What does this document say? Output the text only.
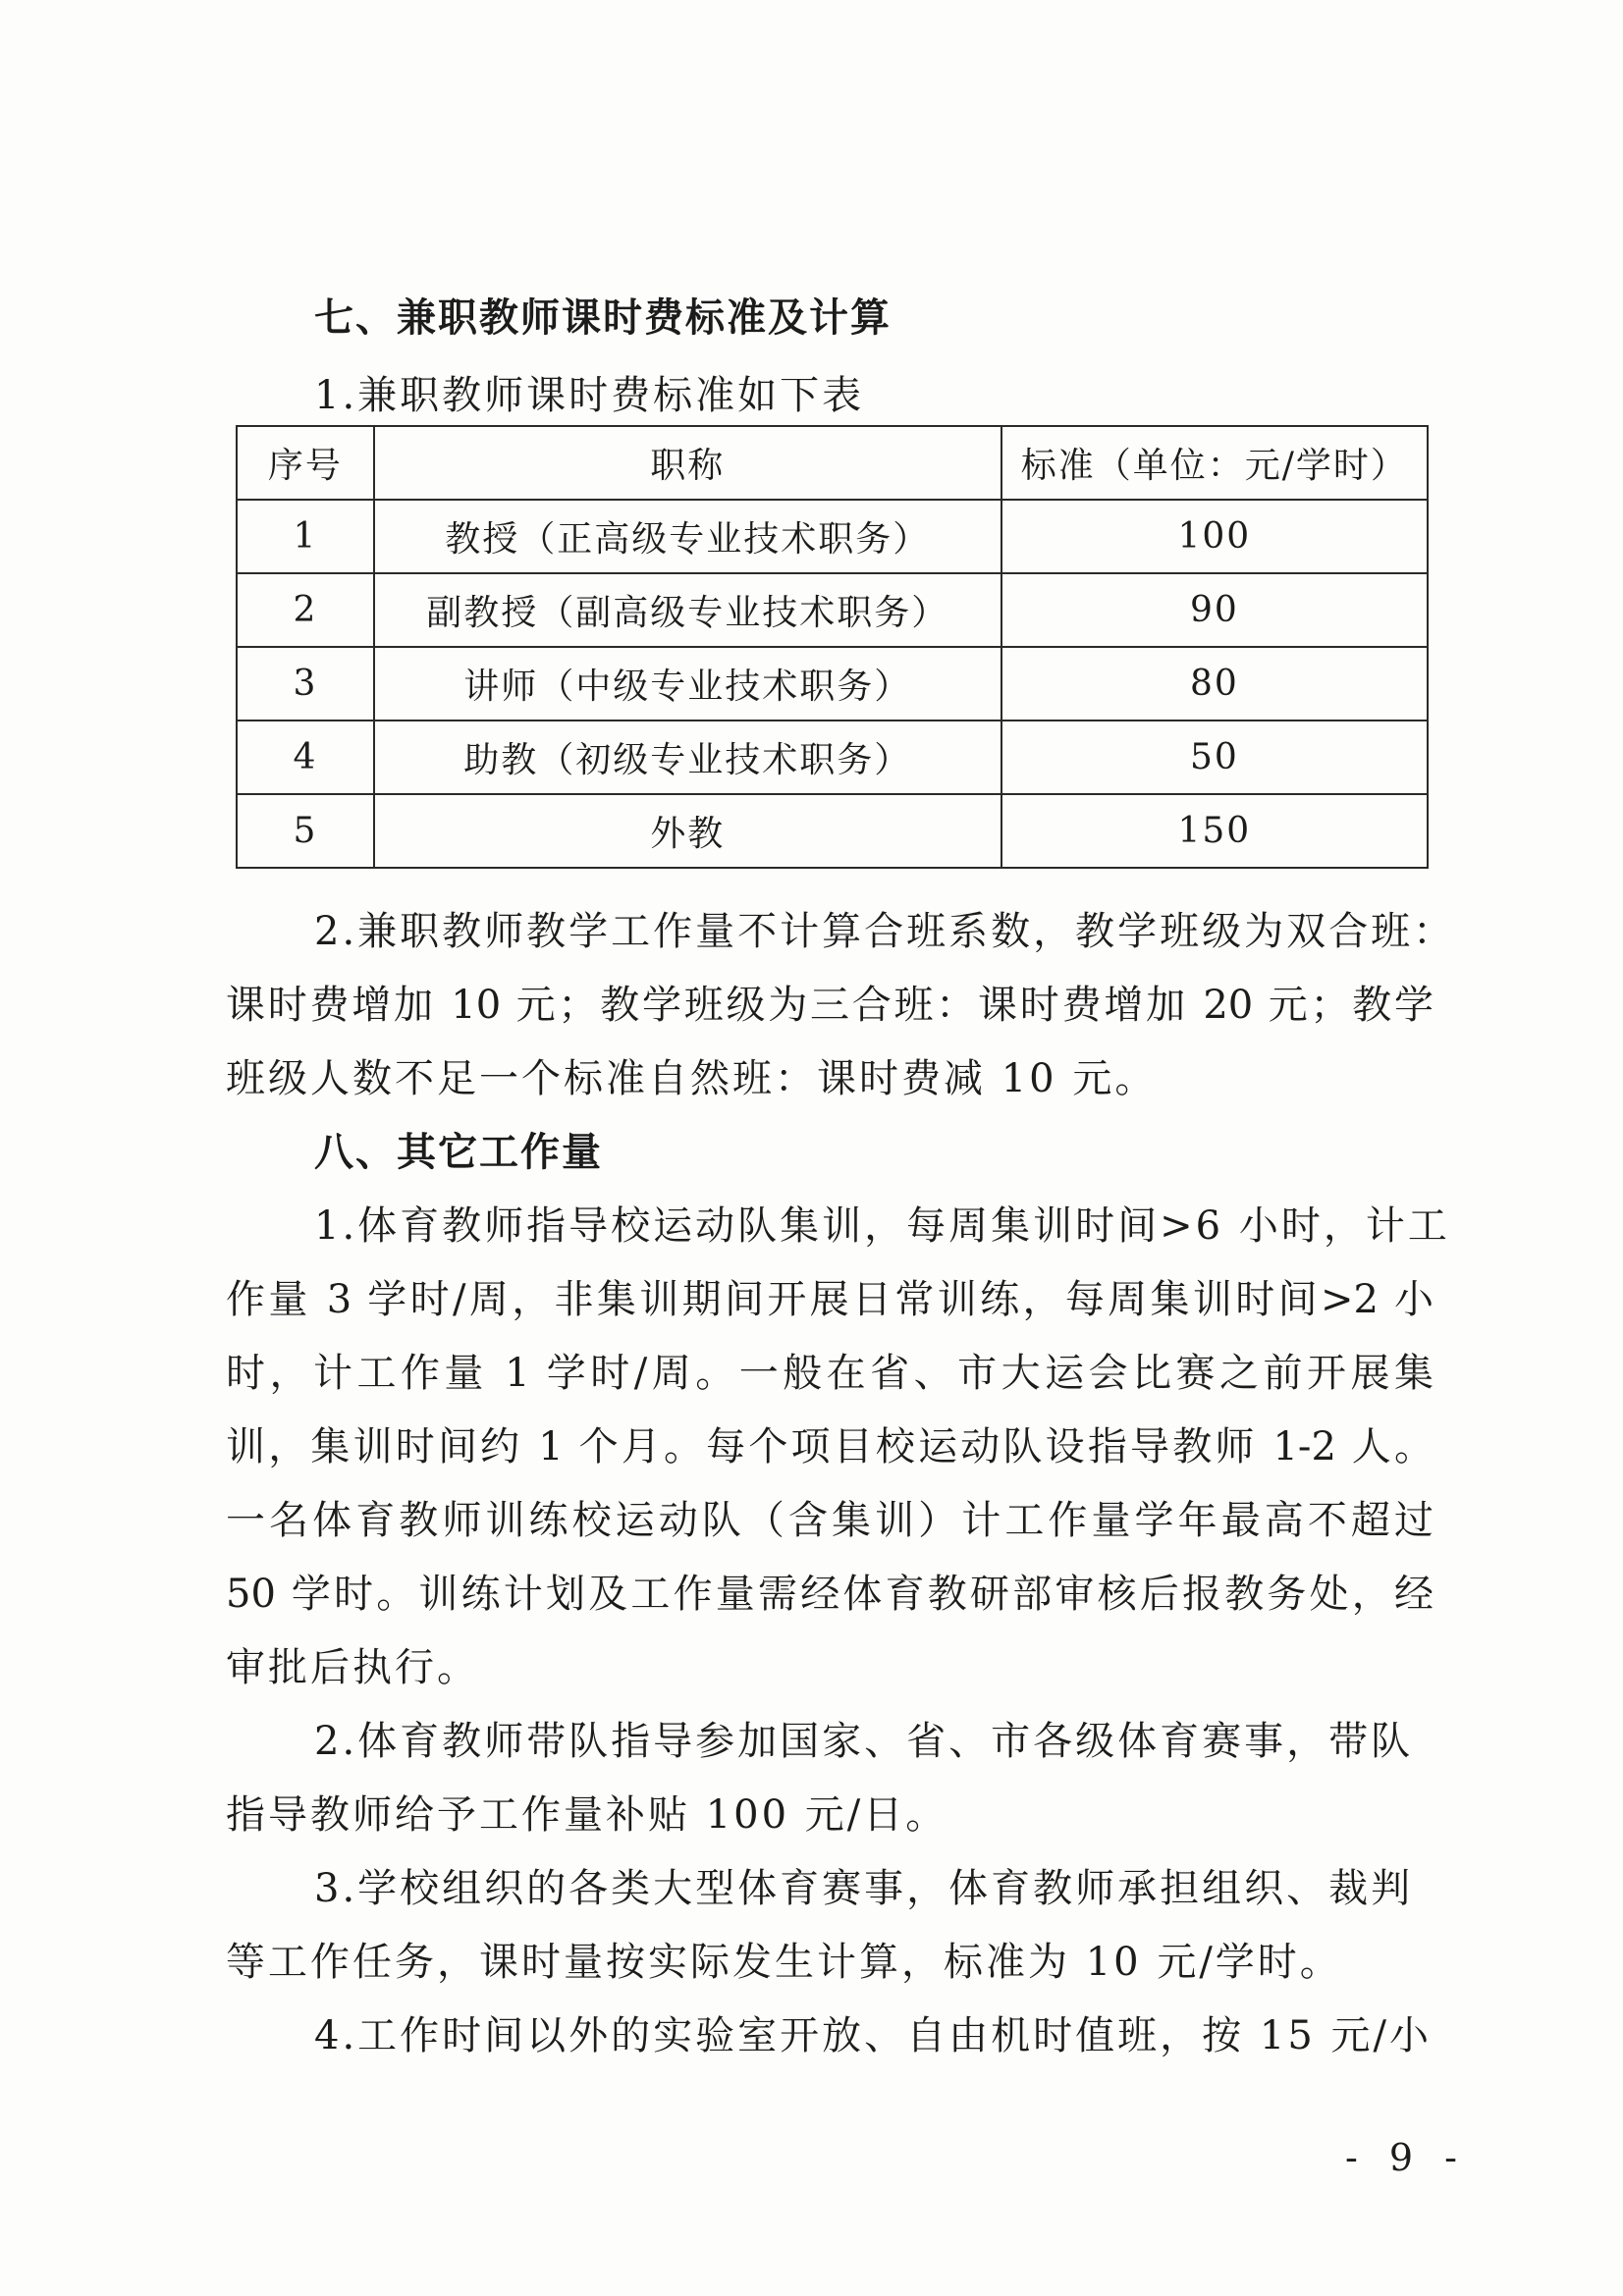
七、兼职教师课时费标准及计算
1.兼职教师课时费标准如下表
序号	职称	标准（单位：元/学时）
1	教授（正高级专业技术职务）	100
2	副教授（副高级专业技术职务）	90
3	讲师（中级专业技术职务）	80
4	助教（初级专业技术职务）	50
5	外教	150
2.兼职教师教学工作量不计算合班系数，教学班级为双合班：
课时费增加 10 元；教学班级为三合班：课时费增加 20 元；教学
班级人数不足一个标准自然班：课时费减 10 元。
八、其它工作量
1.体育教师指导校运动队集训，每周集训时间>6 小时，计工
作量 3 学时/周，非集训期间开展日常训练，每周集训时间>2 小
时，计工作量 1 学时/周。一般在省、市大运会比赛之前开展集
训，集训时间约 1 个月。每个项目校运动队设指导教师 1-2 人。
一名体育教师训练校运动队（含集训）计工作量学年最高不超过
50 学时。训练计划及工作量需经体育教研部审核后报教务处，经
审批后执行。
2.体育教师带队指导参加国家、省、市各级体育赛事，带队
指导教师给予工作量补贴 100 元/日。
3.学校组织的各类大型体育赛事，体育教师承担组织、裁判
等工作任务，课时量按实际发生计算，标准为 10 元/学时。
4.工作时间以外的实验室开放、自由机时值班，按 15 元/小
- 9 -
